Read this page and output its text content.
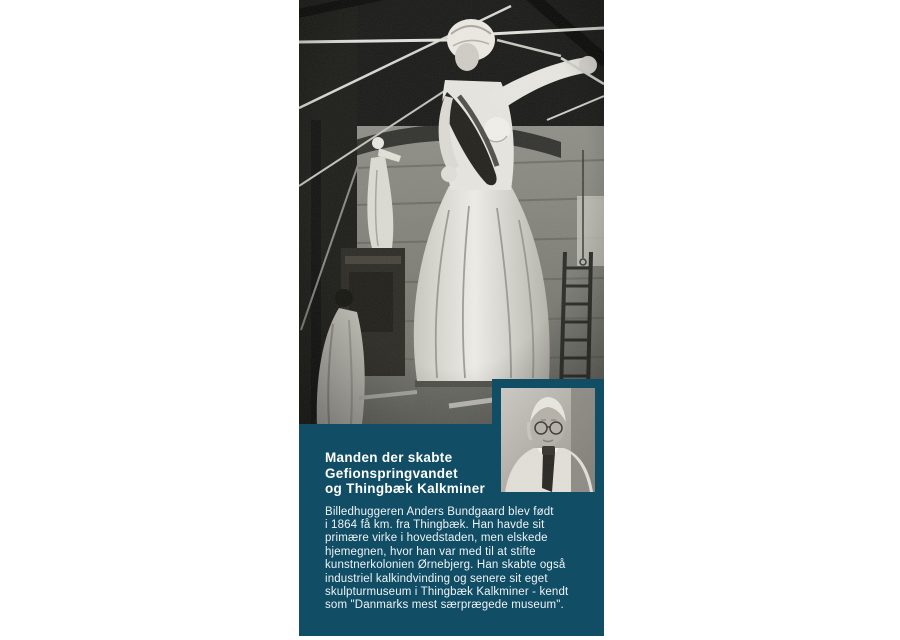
Manden der skabte
Gefionspringvandet
og Thingbæk Kalkminer
Billedhuggeren Anders Bundgaard blev født
i 1864 få km. fra Thingbæk. Han havde sit
primære virke i hovedstaden, men elskede
hjemegnen, hvor han var med til at stifte
kunstnerkolonien Ørnebjerg. Han skabte også
industriel kalkindvinding og senere sit eget
skulpturmuseum i Thingbæk Kalkminer - kendt
som "Danmarks mest særprægede museum".
